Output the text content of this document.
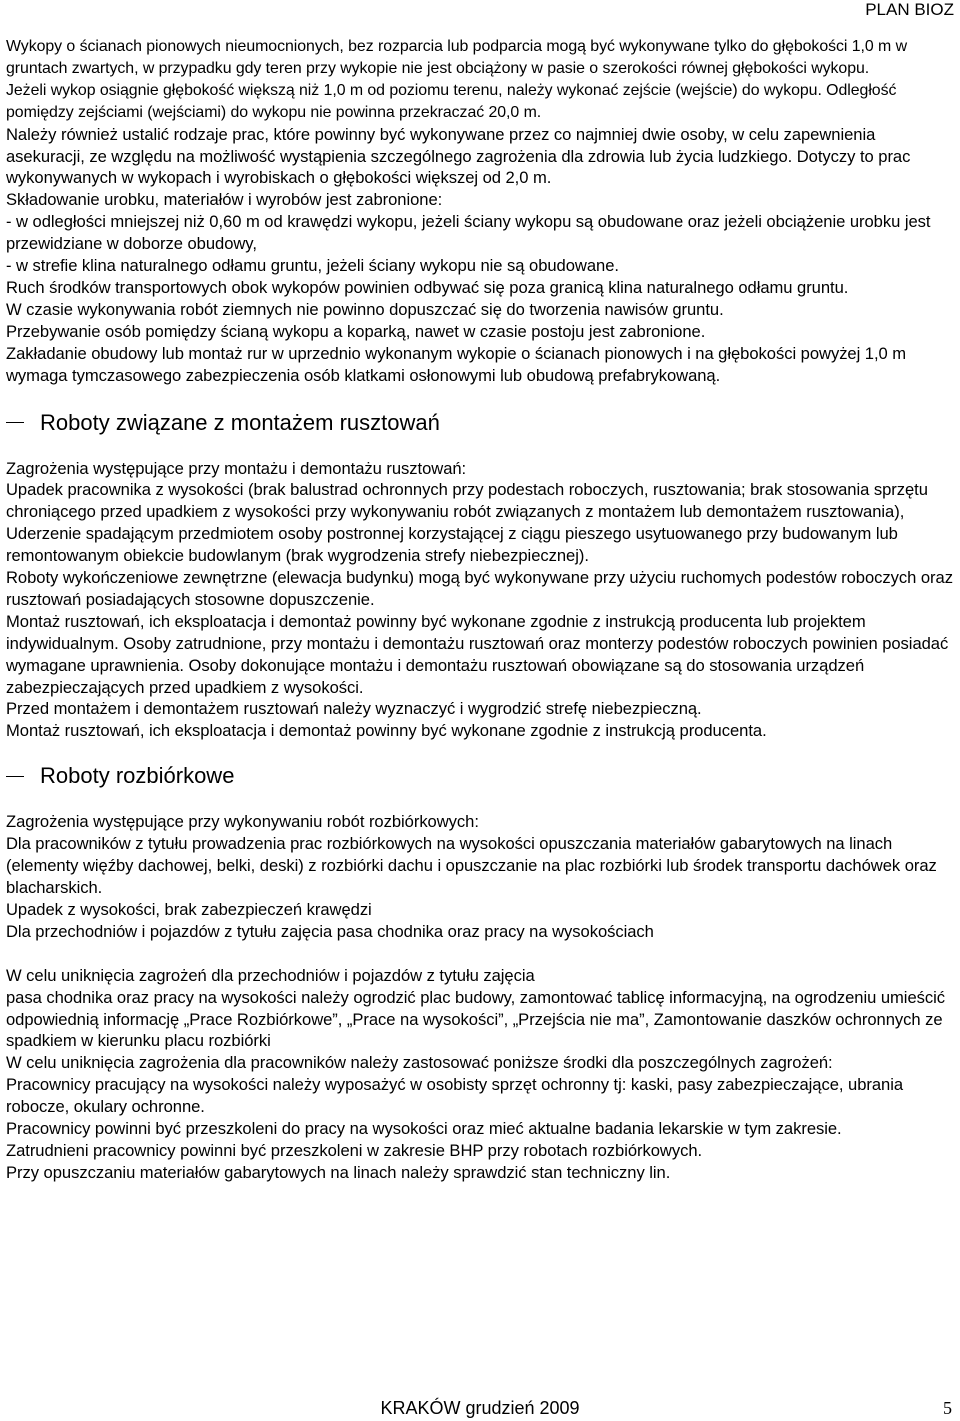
PLAN BIOZ

Wykopy o ścianach pionowych nieumocnionych, bez rozparcia lub podparcia mogą być wykonywane tylko do głębokości 1,0 m w gruntach zwartych, w przypadku gdy teren przy wykopie nie jest obciążony w pasie o szerokości równej głębokości wykopu.

Jeżeli wykop osiągnie głębokość większą niż 1,0 m od poziomu terenu, należy wykonać zejście (wejście) do wykopu. Odległość pomiędzy zejściami (wejściami) do wykopu nie powinna przekraczać 20,0 m.

Należy również ustalić rodzaje prac, które powinny być wykonywane przez co najmniej dwie osoby, w celu zapewnienia asekuracji, ze względu na możliwość wystąpienia szczególnego zagrożenia dla zdrowia lub życia ludzkiego. Dotyczy to prac wykonywanych w wykopach i wyrobiskach o głębokości większej od 2,0 m.

Składowanie urobku, materiałów i wyrobów jest zabronione:

- w odległości mniejszej niż 0,60 m od krawędzi wykopu, jeżeli ściany wykopu są obudowane oraz jeżeli obciążenie urobku jest przewidziane w doborze obudowy,

- w strefie klina naturalnego odłamu gruntu, jeżeli ściany wykopu nie są obudowane.

Ruch środków transportowych obok wykopów powinien odbywać się poza granicą klina naturalnego odłamu gruntu.

W czasie wykonywania robót ziemnych nie powinno dopuszczać się do tworzenia nawisów gruntu.

Przebywanie osób pomiędzy ścianą wykopu a koparką, nawet w czasie postoju jest zabronione.

Zakładanie obudowy lub montaż rur w uprzednio wykonanym wykopie o ścianach pionowych i na głębokości powyżej 1,0 m wymaga tymczasowego zabezpieczenia osób klatkami osłonowymi lub obudową prefabrykowaną.

Roboty związane z montażem rusztowań

Zagrożenia występujące przy montażu i demontażu rusztowań:

Upadek pracownika z wysokości (brak balustrad ochronnych przy podestach roboczych, rusztowania; brak stosowania sprzętu chroniącego przed upadkiem z wysokości przy wykonywaniu robót związanych z montażem lub demontażem rusztowania),

Uderzenie spadającym przedmiotem osoby postronnej korzystającej z ciągu pieszego usytuowanego przy budowanym lub remontowanym obiekcie budowlanym (brak wygrodzenia strefy niebezpiecznej).

Roboty wykończeniowe zewnętrzne (elewacja budynku) mogą być wykonywane przy użyciu ruchomych podestów roboczych oraz rusztowań posiadających stosowne dopuszczenie.

Montaż rusztowań, ich eksploatacja i demontaż powinny być wykonane zgodnie z instrukcją producenta lub projektem indywidualnym. Osoby zatrudnione, przy montażu i demontażu rusztowań oraz monterzy podestów roboczych powinien posiadać wymagane uprawnienia. Osoby dokonujące montażu i demontażu rusztowań obowiązane są do stosowania urządzeń zabezpieczających przed upadkiem z wysokości.

Przed montażem i demontażem rusztowań należy wyznaczyć i wygrodzić strefę niebezpieczną.

Montaż rusztowań, ich eksploatacja i demontaż powinny być wykonane zgodnie z instrukcją producenta.

Roboty rozbiórkowe

Zagrożenia występujące przy wykonywaniu robót rozbiórkowych:

Dla pracowników z tytułu prowadzenia prac rozbiórkowych na wysokości opuszczania materiałów gabarytowych na linach (elementy więźby dachowej, belki, deski) z rozbiórki dachu i opuszczanie na plac rozbiórki lub środek transportu dachówek oraz blacharskich.

Upadek z wysokości, brak zabezpieczeń krawędzi

Dla przechodniów i pojazdów z tytułu zajęcia pasa chodnika oraz pracy na wysokościach

W celu uniknięcia zagrożeń dla przechodniów i pojazdów z tytułu zajęcia

pasa chodnika oraz pracy na wysokości należy ogrodzić plac budowy, zamontować tablicę informacyjną, na ogrodzeniu umieścić odpowiednią informację „Prace Rozbiórkowe”, „Prace na wysokości”, „Przejścia nie ma”, Zamontowanie daszków ochronnych ze spadkiem w kierunku placu rozbiórki

W celu uniknięcia zagrożenia dla pracowników należy zastosować poniższe środki dla poszczególnych zagrożeń:

Pracownicy pracujący na wysokości należy wyposażyć w osobisty sprzęt ochronny tj: kaski, pasy zabezpieczające, ubrania robocze, okulary ochronne.

Pracownicy powinni być przeszkoleni do pracy na wysokości oraz mieć aktualne badania lekarskie w tym zakresie.

Zatrudnieni pracownicy powinni być przeszkoleni w zakresie BHP przy robotach rozbiórkowych.

Przy opuszczaniu materiałów gabarytowych na linach należy sprawdzić stan techniczny lin.

KRAKÓW grudzień 2009	5
